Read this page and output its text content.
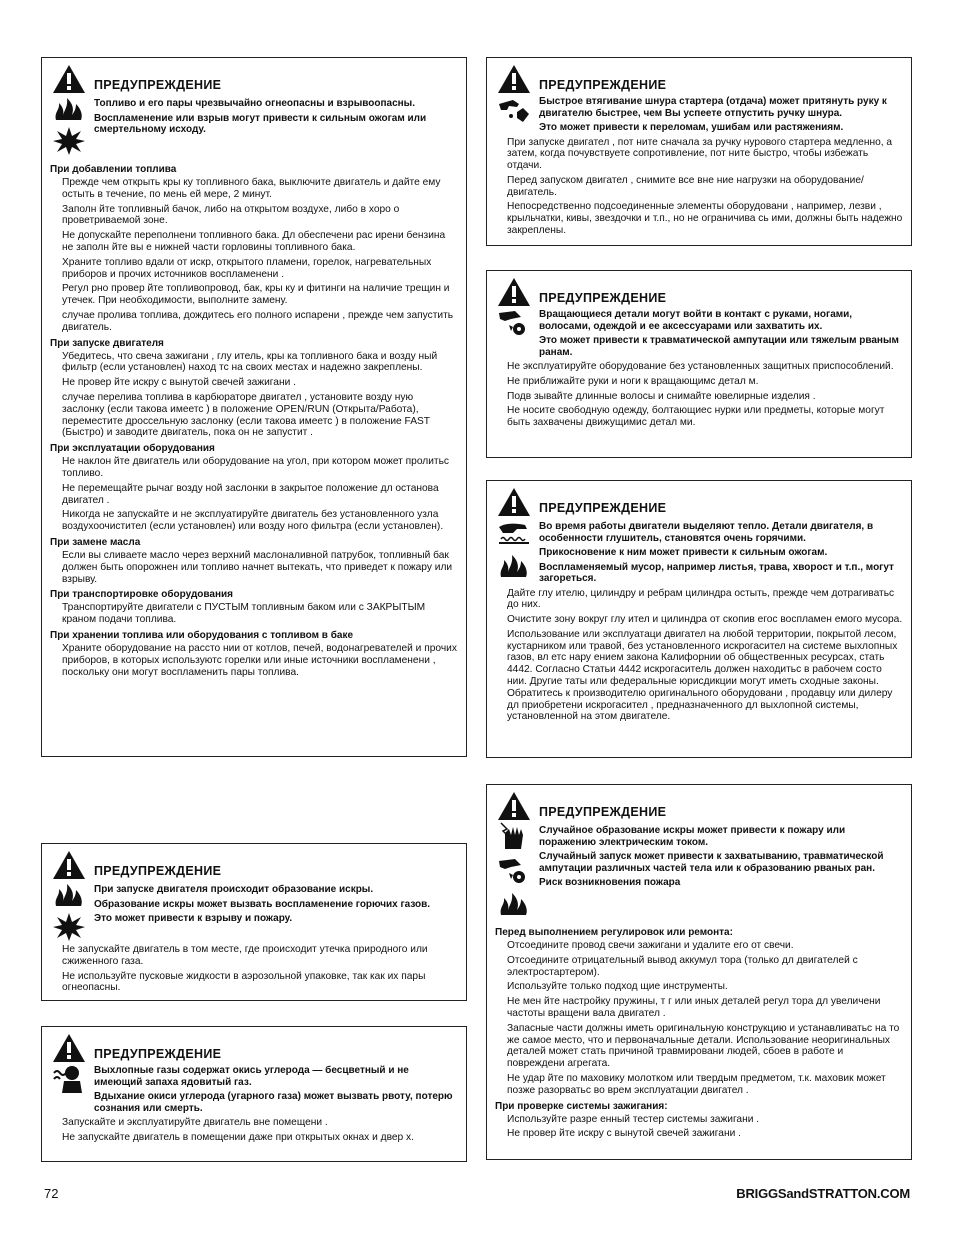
ПРЕДУПРЕЖДЕНИЕ
Топливо и его пары чрезвычайно огнеопасны и взрывоопасны.
Воспламенение или взрыв могут привести к сильным ожогам или смертельному исходу.
При добавлении топлива
Прежде чем открыть кры ку топливного бака, выключите двигатель и дайте ему остыть в течение, по мень ей мере, 2 минут.
Заполн йте топливный бачок, либо на открытом воздухе, либо в хоро о проветриваемой зоне.
Не допускайте переполнени топливного бака. Дл обеспечени рас ирени бензина не заполн йте вы е нижней части горловины топливного бака.
Храните топливо вдали от искр, открытого пламени, горелок, нагревательных приборов и прочих источников воспламенени .
Регул рно провер йте топливопровод, бак, кры ку и фитинги на наличие трещин и утечек. При необходимости, выполните замену.
случае пролива топлива, дождитесь его полного испарени , прежде чем запустить двигатель.
При запуске двигателя
Убедитесь, что свеча зажигани , глу итель, кры ка топливного бака и возду ный фильтр (если установлен) наход тс на своих местах и надежно закреплены.
Не провер йте искру с вынутой свечей зажигани .
случае перелива топлива в карбюраторе двигател , установите возду ную заслонку (если такова имеетс ) в положение OPEN/RUN (Открыта/Работа), переместите дроссельную заслонку (если такова имеетс ) в положение FAST (Быстро) и заводите двигатель, пока он не запустит .
При эксплуатации оборудования
Не наклон йте двигатель или оборудование на угол, при котором может пролитьс топливо.
Не перемещайте рычаг возду ной заслонки в закрытое положение дл останова двигател .
Никогда не запускайте и не эксплуатируйте двигатель без установленного узла воздухоочистител (если установлен) или возду ного фильтра (если установлен).
При замене масла
Если вы сливаете масло через верхний маслоналивной патрубок, топливный бак должен быть опорожнен или топливо начнет вытекать, что приведет к пожару или взрыву.
При транспортировке оборудования
Транспортируйте двигатели с ПУСТЫМ топливным баком или с ЗАКРЫТЫМ краном подачи топлива.
При хранении топлива или оборудования с топливом в баке
Храните оборудование на рассто нии от котлов, печей, водонагревателей и прочих приборов, в которых используютс горелки или иные источники воспламенени , поскольку они могут воспламенить пары топлива.
ПРЕДУПРЕЖДЕНИЕ
При запуске двигателя происходит образование искры.
Образование искры может вызвать воспламенение горючих газов.
Это может привести к взрыву и пожару.
Не запускайте двигатель в том месте, где происходит утечка природного или сжиженного газа.
Не используйте пусковые жидкости в аэрозольной упаковке, так как их пары огнеопасны.
ПРЕДУПРЕЖДЕНИЕ
Выхлопные газы содержат окись углерода — бесцветный и не имеющий запаха ядовитый газ.
Вдыхание окиси углерода (угарного газа) может вызвать рвоту, потерю сознания или смерть.
Запускайте и эксплуатируйте двигатель вне помещени .
Не запускайте двигатель в помещении даже при открытых окнах и двер х.
ПРЕДУПРЕЖДЕНИЕ
Быстрое втягивание шнура стартера (отдача) может притянуть руку к двигателю быстрее, чем Вы успеете отпустить ручку шнура.
Это может привести к переломам, ушибам или растяжениям.
При запуске двигател , пот ните сначала за ручку нурового стартера медленно, а затем, когда почувствуете сопротивление, пот ните быстро, чтобы избежать отдачи.
Перед запуском двигател , снимите все вне ние нагрузки на оборудование/двигатель.
Непосредственно подсоединенные элементы оборудовани , например, лезви , крыльчатки, кивы, звездочки и т.п., но не ограничива сь ими, должны быть надежно закреплены.
ПРЕДУПРЕЖДЕНИЕ
Вращающиеся детали могут войти в контакт с руками, ногами, волосами, одеждой и ее аксессуарами или захватить их.
Это может привести к травматической ампутации или тяжелым рваным ранам.
Не эксплуатируйте оборудование без установленных защитных приспособлений.
Не приближайте руки и ноги к вращающимс детал м.
Подв зывайте длинные волосы и снимайте ювелирные изделия .
Не носите свободную одежду, болтающиес нурки или предметы, которые могут быть захвачены движущимис детал ми.
ПРЕДУПРЕЖДЕНИЕ
Во время работы двигатели выделяют тепло. Детали двигателя, в особенности глушитель, становятся очень горячими.
Прикосновение к ним может привести к сильным ожогам.
Воспламеняемый мусор, например листья, трава, хворост и т.п., могут загореться.
Дайте глу ителю, цилиндру и ребрам цилиндра остыть, прежде чем дотрагиватьс до них.
Очистите зону вокруг глу ител и цилиндра от скопив егос воспламен емого мусора.
Использование или эксплуатаци двигател на любой территории, покрытой лесом, кустарником или травой, без установленного искрогасител на системе выхлопных газов, вл етс нару ением закона Калифорнии об общественных ресурсах, стать 4442. Согласно Статьи 4442 искрогаситель должен находитьс в рабочем состо нии. Другие таты или федеральные юрисдикции могут иметь сходные законы. Обратитесь к производителю оригинального оборудовани , продавцу или дилеру дл приобретени искрогасител , предназначенного дл выхлопной системы, установленной на этом двигателе.
ПРЕДУПРЕЖДЕНИЕ
Случайное образование искры может привести к пожару или поражению электрическим током.
Случайный запуск может привести к захватыванию, травматической ампутации различных частей тела или к образованию рваных ран.
Риск возникновения пожара
Перед выполнением регулировок или ремонта:
Отсоедините провод свечи зажигани и удалите его от свечи.
Отсоедините отрицательный вывод аккумул тора (только дл двигателей с электростартером).
Используйте только подход щие инструменты.
Не мен йте настройку пружины, т г или иных деталей регул тора дл увеличени частоты вращени вала двигател .
Запасные части должны иметь оригинальную конструкцию и устанавливатьс на то же самое место, что и первоначальные детали. Использование неоригинальных деталей может стать причиной травмировани людей, сбоев в работе и повреждени агрегата.
Не удар йте по маховику молотком или твердым предметом, т.к. маховик может позже разорватьс во врем эксплуатации двигател .
При проверке системы зажигания:
Используйте разре енный тестер системы зажигани .
Не провер йте искру с вынутой свечей зажигани .
72	BRIGGSandSTRATTON.COM
